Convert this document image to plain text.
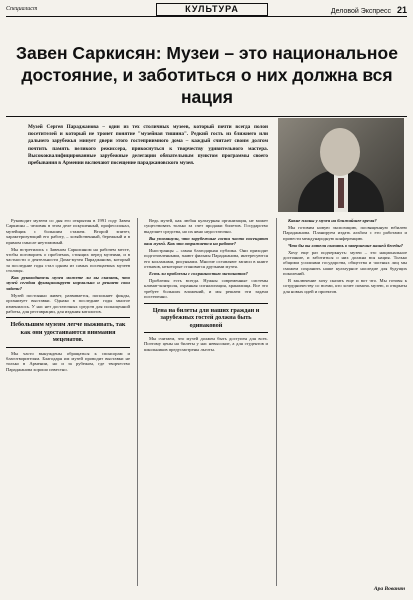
Специалист	КУЛЬТУРА	Деловой Экспресс 21
Завен Саркисян: Музеи – это национальное достояние, и заботиться о них должна вся нация

Музей Сергея Параджанова – один из тех столичных музеев, который почти всегда полон посетителей и который не тронет понятие "музейная тишина". Редкий гость из ближнего или дальнего зарубежья минует двери этого гостеприимного дома – каждый считает своим долгом почтить память великого режиссера, прикоснуться к творчеству удивительного мастера. Высококвалифицированные зарубежные делегации обязательным пунктом программы своего пребывания в Армении включают посещение параджановского музея.

Руководит музеем со дня его открытия в 1991 году Завен Саркисян – человик в этом деле искушенный, профессионал, музейщик с большим стажем. Второй эпитет, характеризующий его работу, – хозяйственный, бережный и в прямом смысле неутомимый.

Мы встретились с Завеном Саркисяном на рабочем месте, чтобы поговорить о проблемах, стоящих перед музеями, и в частности о деятельности Дома-музея Параджанова, который за последние годы стал одним из самых посещаемых музеев столицы.

Как руководитель музея можете ли вы сказать, что музей сегодня функционирует нормально и решает свои задачи?

Музей постоянно живет, развивается, пополняет фонды, организует выставки. Однако в последние годы многое изменилось. У нас нет достаточных средств для полноценной работы, для реставрации, для издания каталогов.

Небольшим музеям легче выживать, так как они удостаиваются внимания меценатов.

Мы часто вынуждены обращаться к спонсорам и благотворителям. Благодаря им музей проводит выставки не только в Армении, но и за рубежом, где творчество Параджанова хорошо известно.

Ведь музей, как любая культурная организация, не может существовать только за счет продажи билетов. Государство выделяет средства, но их явно недостаточно.

Вы упомянули, что зарубежные гости часто посещают ваш музей. Как это отражается на работе?

Иностранцы – самая благодарная публика. Они приходят подготовленными, знают фильмы Параджанова, интересуются его коллажами, рисунками. Многие оставляют записи в книге отзывов, некоторые становятся друзьями музея.

Есть ли проблемы с сохранностью экспонатов?

Проблемы есть всегда. Нужны современные системы климат-контроля, охранная сигнализация, хранилища. Все это требует больших вложений, и мы решаем эти задачи постепенно.

Цена на билеты для наших граждан и зарубежных гостей должна быть одинаковой

Мы считаем, что музей должен быть доступен для всех. Поэтому цены на билеты у нас невысокие, а для студентов и школьников предусмотрены льготы.

Какие планы у музея на ближайшее время?

Мы готовим новую экспозицию, посвященную юбилею Параджанова. Планируем издать альбом с его работами и провести международную конференцию.

Что бы вы хотели сказать в завершение нашей беседы?

Хочу еще раз подчеркнуть: музеи – это национальное достояние, и заботиться о них должна вся нация. Только общими усилиями государства, общества и частных лиц мы сможем сохранить наше культурное наследие для будущих поколений.

В заключение хочу сказать еще и вот что. Мы готовы к сотрудничеству со всеми, кто хочет помочь музею, и открыты для новых идей и проектов.

Ара Вованян
